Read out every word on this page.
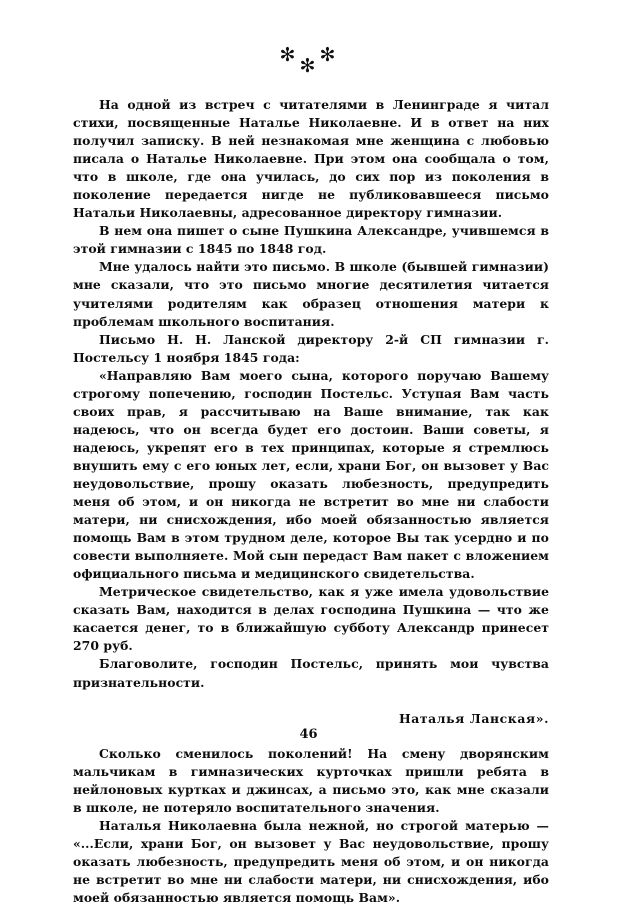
✻ ✻
✻

На одной из встреч с читателями в Ленинграде я читал стихи, посвященные Наталье Николаевне. И в ответ на них получил записку. В ней незнакомая мне женщина с любовью писала о Наталье Николаевне. При этом она сообщала о том, что в школе, где она училась, до сих пор из поколения в поколение передается нигде не публиковавшееся письмо Натальи Николаевны, адресованное директору гимназии.

В нем она пишет о сыне Пушкина Александре, учившемся в этой гимназии с 1845 по 1848 год.

Мне удалось найти это письмо. В школе (бывшей гимназии) мне сказали, что это письмо многие десятилетия читается учителями родителям как образец отношения матери к проблемам школьного воспитания.

Письмо Н. Н. Ланской директору 2-й СП гимназии г. Постельсу 1 ноября 1845 года:

«Направляю Вам моего сына, которого поручаю Вашему строгому попечению, господин Постельс. Уступая Вам часть своих прав, я рассчитываю на Ваше внимание, так как надеюсь, что он всегда будет его достоин. Ваши советы, я надеюсь, укрепят его в тех принципах, которые я стремлюсь внушить ему с его юных лет, если, храни Бог, он вызовет у Вас неудовольствие, прошу оказать любезность, предупредить меня об этом, и он никогда не встретит во мне ни слабости матери, ни снисхождения, ибо моей обязанностью является помощь Вам в этом трудном деле, которое Вы так усердно и по совести выполняете. Мой сын передаст Вам пакет с вложением официального письма и медицинского свидетельства.

Метрическое свидетельство, как я уже имела удовольствие сказать Вам, находится в делах господина Пушкина — что же касается денег, то в ближайшую субботу Александр принесет 270 руб.

Благоволите, господин Постельс, принять мои чувства признательности.

Наталья Ланская».

Сколько сменилось поколений! На смену дворянским мальчикам в гимназических курточках пришли ребята в нейлоновых куртках и джинсах, а письмо это, как мне сказали в школе, не потеряло воспитательного значения.

Наталья Николаевна была нежной, но строгой матерью — «...Если, храни Бог, он вызовет у Вас неудовольствие, прошу оказать любезность, предупредить меня об этом, и он никогда не встретит во мне ни слабости матери, ни снисхождения, ибо моей обязанностью является помощь Вам».

46
